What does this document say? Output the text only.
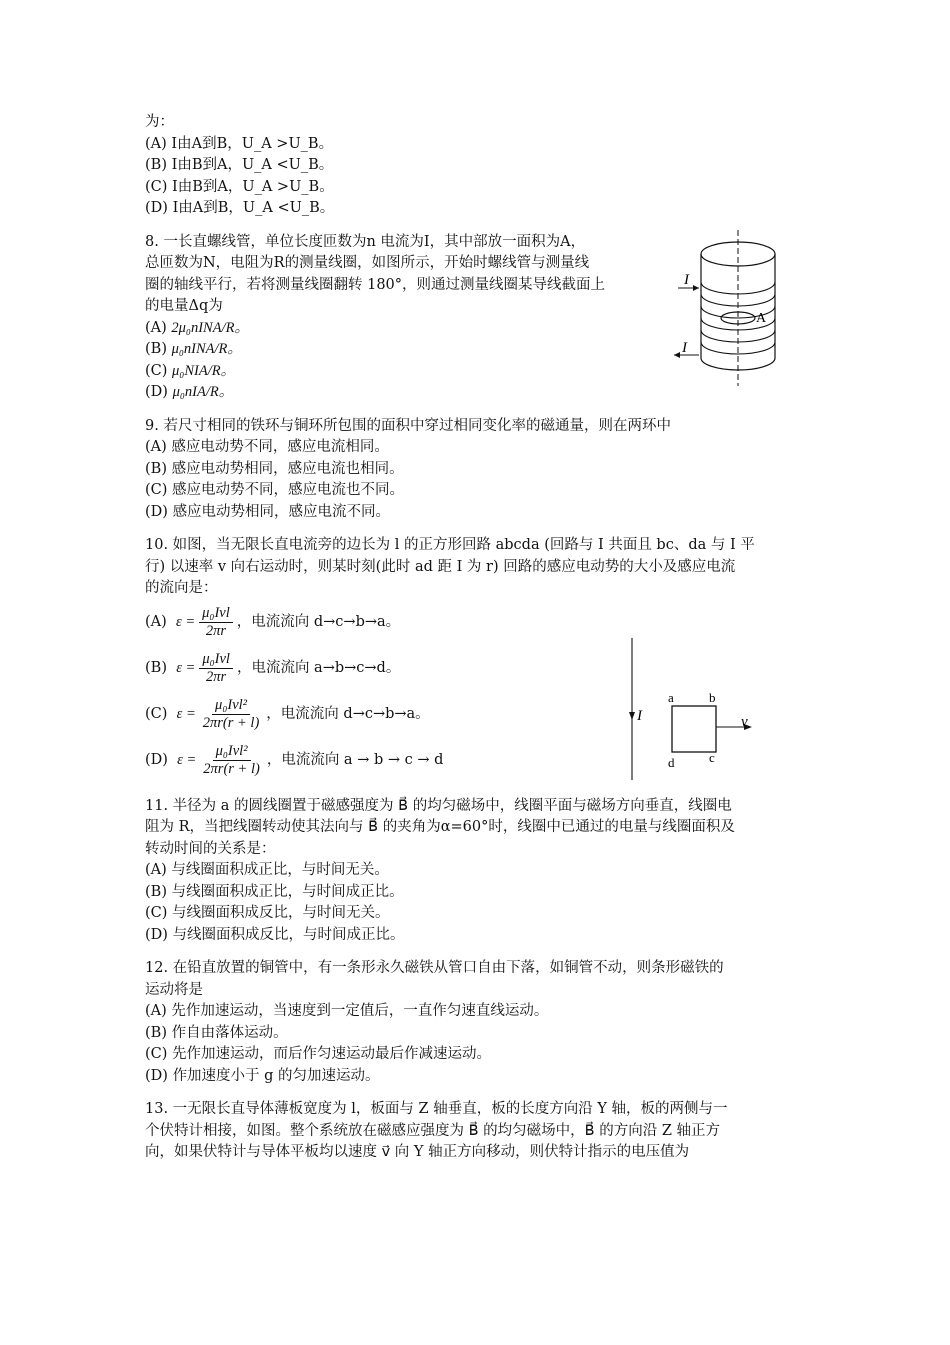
为：
(A) I由A到B，U_A >U_B。
(B) I由B到A，U_A <U_B。
(C) I由B到A，U_A >U_B。
(D) I由A到B，U_A <U_B。
8. 一长直螺线管，单位长度匝数为n 电流为I，其中部放一面积为A，
总匝数为N，电阻为R的测量线圈，如图所示，开始时螺线管与测量线
圈的轴线平行，若将测量线圈翻转 180°，则通过测量线圈某导线截面上
的电量Δq为
(A) 2μ₀nINA/R。
(B) μ₀nINA/R。
(C) μ₀NIA/R。
(D) μ₀nIA/R。
9. 若尺寸相同的铁环与铜环所包围的面积中穿过相同变化率的磁通量，则在两环中
(A) 感应电动势不同，感应电流相同。
(B) 感应电动势相同，感应电流也相同。
(C) 感应电动势不同，感应电流也不同。
(D) 感应电动势相同，感应电流不同。
10. 如图，当无限长直电流旁的边长为 l 的正方形回路 abcda (回路与 I 共面且 bc、da 与 I 平
行) 以速率 v 向右运动时，则某时刻(此时 ad 距 I 为 r) 回路的感应电动势的大小及感应电流
的流向是：
(A)
$\varepsilon = \frac{\text{μ₀Ivl}}{2\pi r}$ ，电流流向 d→c→b→a。
(B)
$\varepsilon = \frac{\text{μ₀Ivl}}{2\pi r}$ ，电流流向 a→b→c→d。
(C)
$\varepsilon = \frac{\text{μ₀Ivl²}}{2\pi r(r + l)}$ ，电流流向 d→c→b→a。
(D)
$\varepsilon = \frac{\text{μ₀Ivl²}}{2\pi r(r + l)}$ ，电流流向 a → b → c → d
11. 半径为 a 的圆线圈置于磁感强度为 B⃗ 的均匀磁场中，线圈平面与磁场方向垂直，线圈电
阻为 R，当把线圈转动使其法向与 B⃗ 的夹角为α=60°时，线圈中已通过的电量与线圈面积及
转动时间的关系是：
(A) 与线圈面积成正比，与时间无关。
(B) 与线圈面积成正比，与时间成正比。
(C) 与线圈面积成反比，与时间无关。
(D) 与线圈面积成反比，与时间成正比。
12. 在铅直放置的铜管中，有一条形永久磁铁从管口自由下落，如铜管不动，则条形磁铁的
运动将是
(A) 先作加速运动，当速度到一定值后，一直作匀速直线运动。
(B) 作自由落体运动。
(C) 先作加速运动，而后作匀速运动最后作减速运动。
(D) 作加速度小于 g 的匀加速运动。
13. 一无限长直导体薄板宽度为 l，板面与 Z 轴垂直，板的长度方向沿 Y 轴，板的两侧与一
个伏特计相接，如图。整个系统放在磁感应强度为 B⃗ 的均匀磁场中，B⃗ 的方向沿 Z 轴正方
向，如果伏特计与导体平板均以速度 v⃗ 向 Y 轴正方向移动，则伏特计指示的电压值为
I
I
A
I
a	b
c
d
v⃗
